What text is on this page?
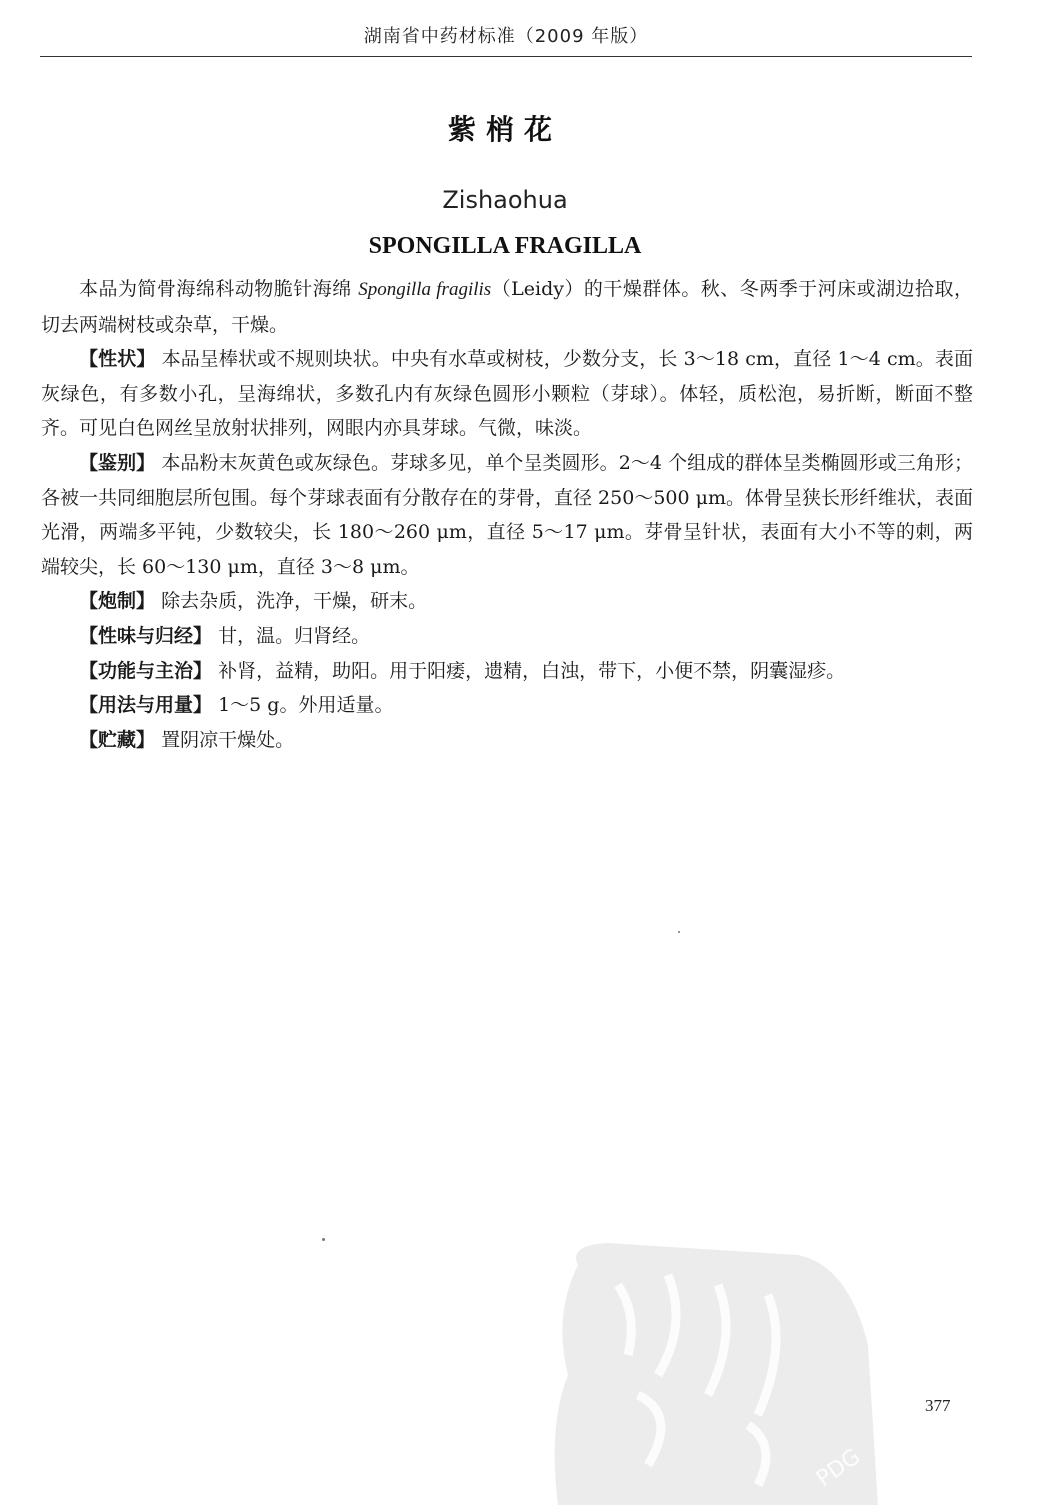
湖南省中药材标准（2009 年版）
紫梢花
Zishaohua
SPONGILLA FRAGILLA

本品为简骨海绵科动物脆针海绵 Spongilla fragilis（Leidy）的干燥群体。秋、冬两季于河床或湖边拾取，切去两端树枝或杂草，干燥。

【性状】 本品呈棒状或不规则块状。中央有水草或树枝，少数分支，长 3～18 cm，直径 1～4 cm。表面灰绿色，有多数小孔，呈海绵状，多数孔内有灰绿色圆形小颗粒（芽球）。体轻，质松泡，易折断，断面不整齐。可见白色网丝呈放射状排列，网眼内亦具芽球。气微，味淡。

【鉴别】 本品粉末灰黄色或灰绿色。芽球多见，单个呈类圆形。2～4 个组成的群体呈类椭圆形或三角形；各被一共同细胞层所包围。每个芽球表面有分散存在的芽骨，直径 250～500 μm。体骨呈狭长形纤维状，表面光滑，两端多平钝，少数较尖，长 180～260 μm，直径 5～17 μm。芽骨呈针状，表面有大小不等的刺，两端较尖，长 60～130 μm，直径 3～8 μm。

【炮制】 除去杂质，洗净，干燥，研末。

【性味与归经】 甘，温。归肾经。

【功能与主治】 补肾，益精，助阳。用于阳痿，遗精，白浊，带下，小便不禁，阴囊湿疹。

【用法与用量】 1～5 g。外用适量。

【贮藏】 置阴凉干燥处。

377
PDG
